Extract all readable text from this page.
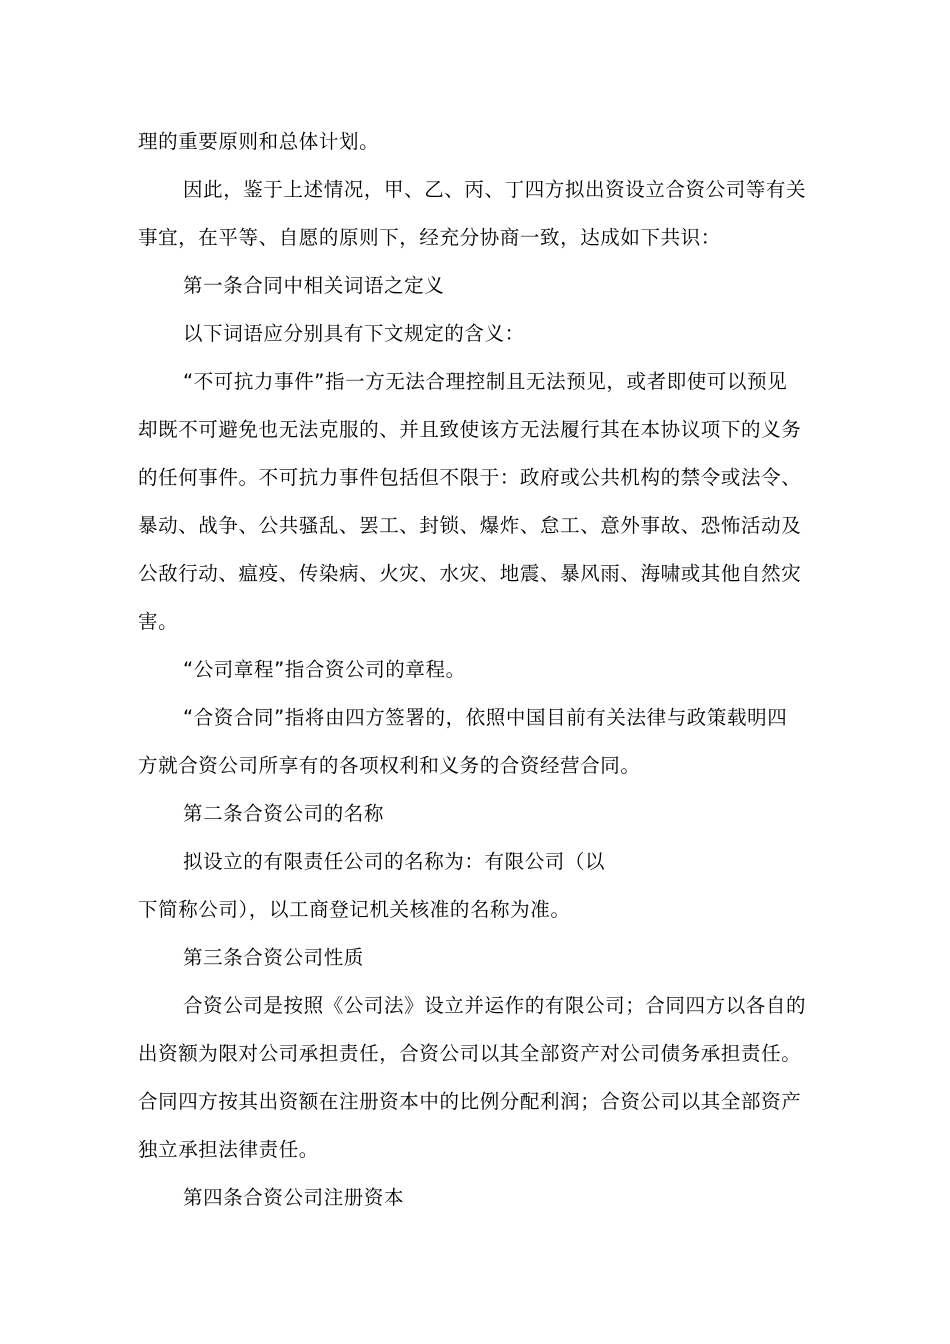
理的重要原则和总体计划。
因此，鉴于上述情况，甲、乙、丙、丁四方拟出资设立合资公司等有关
事宜，在平等、自愿的原则下，经充分协商一致，达成如下共识：
第一条合同中相关词语之定义
以下词语应分别具有下文规定的含义：
“不可抗力事件”指一方无法合理控制且无法预见，或者即使可以预见
却既不可避免也无法克服的、并且致使该方无法履行其在本协议项下的义务
的任何事件。不可抗力事件包括但不限于：政府或公共机构的禁令或法令、
暴动、战争、公共骚乱、罢工、封锁、爆炸、怠工、意外事故、恐怖活动及
公敌行动、瘟疫、传染病、火灾、水灾、地震、暴风雨、海啸或其他自然灾
害。
“公司章程”指合资公司的章程。
“合资合同”指将由四方签署的，依照中国目前有关法律与政策载明四
方就合资公司所享有的各项权利和义务的合资经营合同。
第二条合资公司的名称
拟设立的有限责任公司的名称为：有限公司（以
下简称公司），以工商登记机关核准的名称为准。
第三条合资公司性质
合资公司是按照《公司法》设立并运作的有限公司；合同四方以各自的
出资额为限对公司承担责任，合资公司以其全部资产对公司债务承担责任。
合同四方按其出资额在注册资本中的比例分配利润；合资公司以其全部资产
独立承担法律责任。
第四条合资公司注册资本
